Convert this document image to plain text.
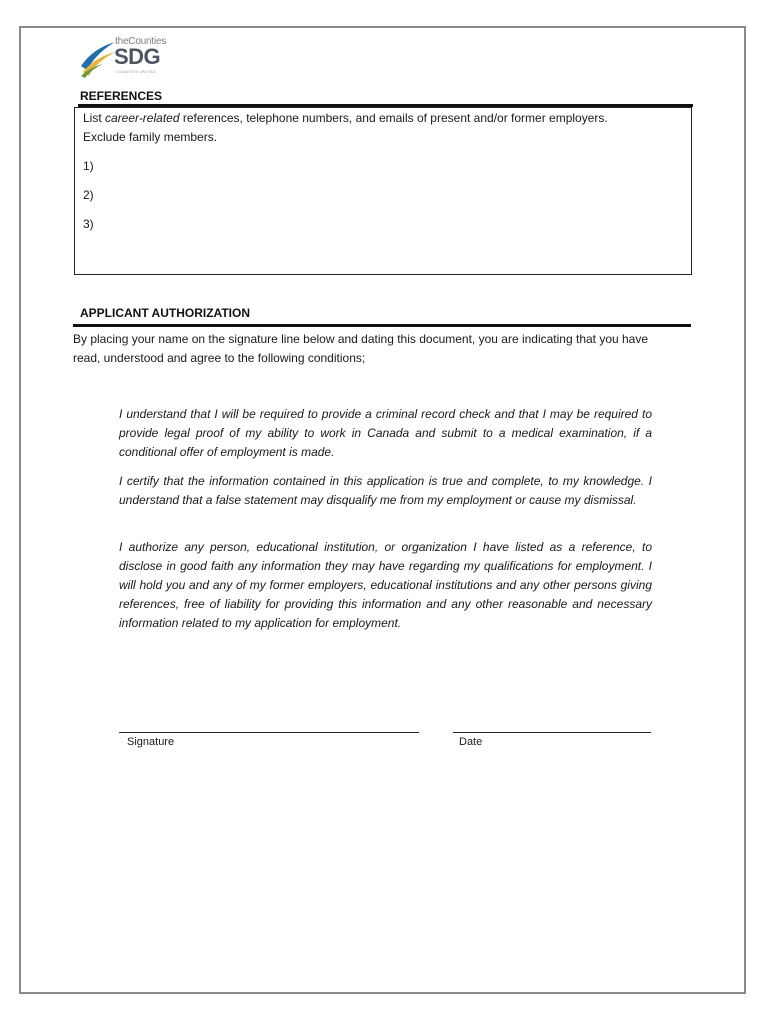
theCounties
SDG
COUNTIES UNITED
REFERENCES
List career-related references, telephone numbers, and emails of present and/or former employers.
Exclude family members.
1)
2)
3)
APPLICANT AUTHORIZATION
By placing your name on the signature line below and dating this document, you are indicating that you have read, understood and agree to the following conditions;
I understand that I will be required to provide a criminal record check and that I may be required to provide legal proof of my ability to work in Canada and submit to a medical examination, if a conditional offer of employment is made.
I certify that the information contained in this application is true and complete, to my knowledge. I understand that a false statement may disqualify me from my employment or cause my dismissal.
I authorize any person, educational institution, or organization I have listed as a reference, to disclose in good faith any information they may have regarding my qualifications for employment. I will hold you and any of my former employers, educational institutions and any other persons giving references, free of liability for providing this information and any other reasonable and necessary information related to my application for employment.
Signature	Date
